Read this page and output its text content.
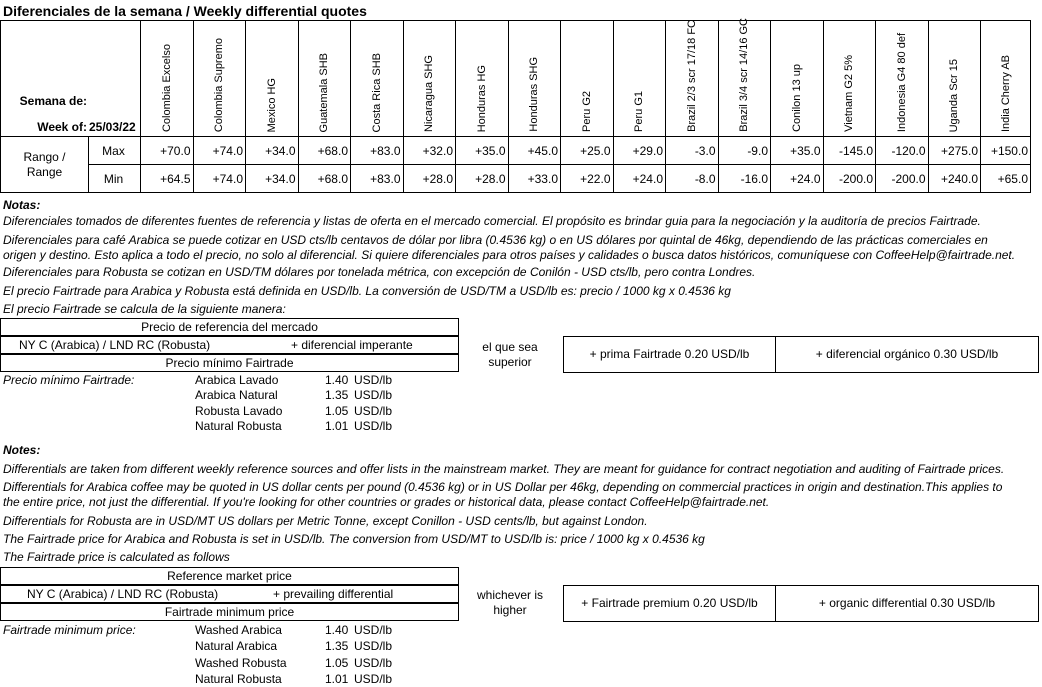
Diferenciales de la semana / Weekly differential quotes
Semana de:
Week of: 25/03/22		Colombia Excelso	Colombia Supremo	Mexico HG	Guatemala SHB	Costa Rica SHB	Nicaragua SHG	Honduras HG	Honduras SHG	Peru G2	Peru G1	Brazil 2/3 scr 17/18 FC	Brazil 3/4 scr 14/16 GC	Conilon 13 up	Vietnam G2 5%	Indonesia G4 80 def	Uganda Scr 15	India Cherry AB

Rango /
Range	Max	+70.0	+74.0	+34.0	+68.0	+83.0	+32.0	+35.0	+45.0	+25.0	+29.0	-3.0	-9.0	+35.0	-145.0	-120.0	+275.0	+150.0
	Min	+64.5	+74.0	+34.0	+68.0	+83.0	+28.0	+28.0	+33.0	+22.0	+24.0	-8.0	-16.0	+24.0	-200.0	-200.0	+240.0	+65.0
Notas:
Diferenciales tomados de diferentes fuentes de referencia y listas de oferta en el mercado comercial. El propósito es brindar guia para la negociación y la auditoría de precios Fairtrade.
Diferenciales para café Arabica se puede cotizar en USD cts/lb centavos de dólar por libra (0.4536 kg) o en US dólares por quintal de 46kg, dependiendo de las prácticas comerciales en
origen y destino. Esto aplica a todo el precio, no solo al diferencial. Si quiere diferenciales para otros países y calidades o busca datos históricos, comuníquese con CoffeeHelp@fairtrade.net.
Diferenciales para Robusta se cotizan en USD/TM dólares por tonelada métrica, con excepción de Conilón - USD cts/lb, pero contra Londres.
El precio Fairtrade para Arabica y Robusta está definida en USD/lb. La conversión de USD/TM a USD/lb es: precio / 1000 kg x 0.4536 kg
El precio Fairtrade se calcula de la siguiente manera:
Precio de referencia del mercado
NY C (Arabica) / LND RC (Robusta)	+ diferencial imperante
Precio mínimo Fairtrade
el que sea
superior
+ prima Fairtrade 0.20 USD/lb	+ diferencial orgánico 0.30 USD/lb
Precio mínimo Fairtrade:	Arabica Lavado	1.40 USD/lb
Arabica Natural	1.35 USD/lb
Robusta Lavado	1.05 USD/lb
Natural Robusta	1.01 USD/lb
Notes:
Differentials are taken from different weekly reference sources and offer lists in the mainstream market. They are meant for guidance for contract negotiation and auditing of Fairtrade prices.
Differentials for Arabica coffee may be quoted in US dollar cents per pound (0.4536 kg) or in US Dollar per 46kg, depending on commercial practices in origin and destination.This applies to
the entire price, not just the differential. If you're looking for other countries or grades or historical data, please contact CoffeeHelp@fairtrade.net.
Differentials for Robusta are in USD/MT US dollars per Metric Tonne, except Conillon - USD cents/lb, but against London.
The Fairtrade price for Arabica and Robusta is set in USD/lb. The conversion from USD/MT to USD/lb is: price / 1000 kg x 0.4536 kg
The Fairtrade price is calculated as follows
Reference market price
NY C (Arabica) / LND RC (Robusta)	+ prevailing differential
Fairtrade minimum price
whichever is
higher	+ Fairtrade premium 0.20 USD/lb	+ organic differential 0.30 USD/lb
Fairtrade minimum price:	Washed Arabica	1.40 USD/lb
Natural Arabica	1.35 USD/lb
Washed Robusta	1.05 USD/lb
Natural Robusta	1.01 USD/lb
